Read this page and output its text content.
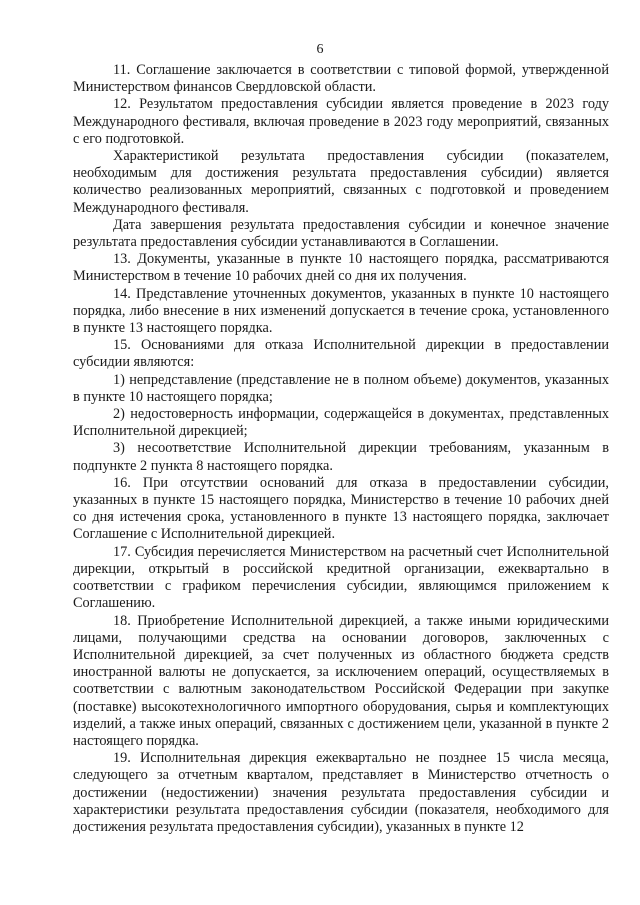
6

11. Соглашение заключается в соответствии с типовой формой, утвержденной Министерством финансов Свердловской области.

12. Результатом предоставления субсидии является проведение в 2023 году Международного фестиваля, включая проведение в 2023 году мероприятий, связанных с его подготовкой.

Характеристикой результата предоставления субсидии (показателем, необходимым для достижения результата предоставления субсидии) является количество реализованных мероприятий, связанных с подготовкой и проведением Международного фестиваля.

Дата завершения результата предоставления субсидии и конечное значение результата предоставления субсидии устанавливаются в Соглашении.

13. Документы, указанные в пункте 10 настоящего порядка, рассматриваются Министерством в течение 10 рабочих дней со дня их получения.

14. Представление уточненных документов, указанных в пункте 10 настоящего порядка, либо внесение в них изменений допускается в течение срока, установленного в пункте 13 настоящего порядка.

15. Основаниями для отказа Исполнительной дирекции в предоставлении субсидии являются:

1) непредставление (представление не в полном объеме) документов, указанных в пункте 10 настоящего порядка;

2) недостоверность информации, содержащейся в документах, представленных Исполнительной дирекцией;

3) несоответствие Исполнительной дирекции требованиям, указанным в подпункте 2 пункта 8 настоящего порядка.

16. При отсутствии оснований для отказа в предоставлении субсидии, указанных в пункте 15 настоящего порядка, Министерство в течение 10 рабочих дней со дня истечения срока, установленного в пункте 13 настоящего порядка, заключает Соглашение с Исполнительной дирекцией.

17. Субсидия перечисляется Министерством на расчетный счет Исполнительной дирекции, открытый в российской кредитной организации, ежеквартально в соответствии с графиком перечисления субсидии, являющимся приложением к Соглашению.

18. Приобретение Исполнительной дирекцией, а также иными юридическими лицами, получающими средства на основании договоров, заключенных с Исполнительной дирекцией, за счет полученных из областного бюджета средств иностранной валюты не допускается, за исключением операций, осуществляемых в соответствии с валютным законодательством Российской Федерации при закупке (поставке) высокотехнологичного импортного оборудования, сырья и комплектующих изделий, а также иных операций, связанных с достижением цели, указанной в пункте 2 настоящего порядка.

19. Исполнительная дирекция ежеквартально не позднее 15 числа месяца, следующего за отчетным кварталом, представляет в Министерство отчетность о достижении (недостижении) значения результата предоставления субсидии и характеристики результата предоставления субсидии (показателя, необходимого для достижения результата предоставления субсидии), указанных в пункте 12
